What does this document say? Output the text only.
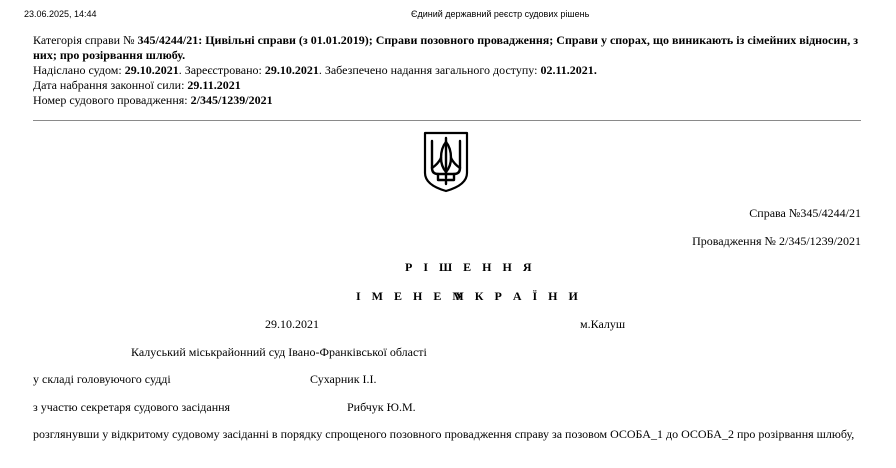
23.06.2025, 14:44	Єдиний державний реєстр судових рішень

Категорія справи № 345/4244/21: Цивільні справи (з 01.01.2019); Справи позовного провадження; Справи у спорах, що виникають із сімейних відносин, з них; про розірвання шлюбу.

Надіслано судом: 29.10.2021. Зареєстровано: 29.10.2021. Забезпечено надання загального доступу: 02.11.2021.

Дата набрання законної сили: 29.11.2021

Номер судового провадження: 2/345/1239/2021

Справа №345/4244/21
Провадження № 2/345/1239/2021
Р І Ш Е Н Н Я
І М Е Н Е М
У К Р А Ї Н И
29.10.2021	м.Калуш
Калуський міськрайонний суд Івано-Франківської області
у складі головуючого судді	Сухарник І.І.
з участю секретаря судового засідання	Рибчук Ю.М.
розглянувши у відкритому судовому засіданні в порядку спрощеного позовного провадження справу за позовом ОСОБА_1 до ОСОБА_2 про розірвання шлюбу,
